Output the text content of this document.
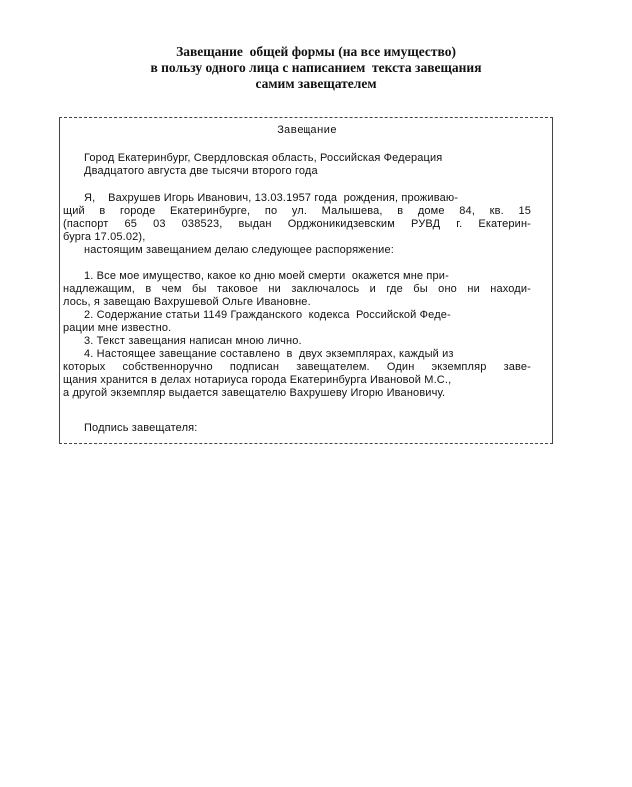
Завещание  общей формы (на все имущество)
в пользу одного лица с написанием  текста завещания
самим завещателем
Завещание
Город Екатеринбург, Свердловская область, Российская Федерация
Двадцатого августа две тысячи второго года
Я,    Вахрушев Игорь Иванович, 13.03.1957 года  рождения, проживаю-
щий в городе Екатеринбурге, по ул. Малышева, в доме 84, кв. 15
(паспорт 65 03 038523, выдан Орджоникидзевским РУВД г. Екатерин-
бурга 17.05.02),
настоящим завещанием делаю следующее распоряжение:
1. Все мое имущество, какое ко дню моей смерти  окажется мне при-
надлежащим, в чем бы таковое ни заключалось и где бы оно ни находи-
лось, я завещаю Вахрушевой Ольге Ивановне.
2. Содержание статьи 1149 Гражданского  кодекса  Российской Феде-
рации мне известно.
3. Текст завещания написан мною лично.
4. Настоящее завещание составлено  в  двух экземплярах, каждый из
которых собственноручно подписан завещателем. Один экземпляр заве-
щания хранится в делах нотариуса города Екатеринбурга Ивановой М.С.,
а другой экземпляр выдается завещателю Вахрушеву Игорю Ивановичу.
Подпись завещателя:
